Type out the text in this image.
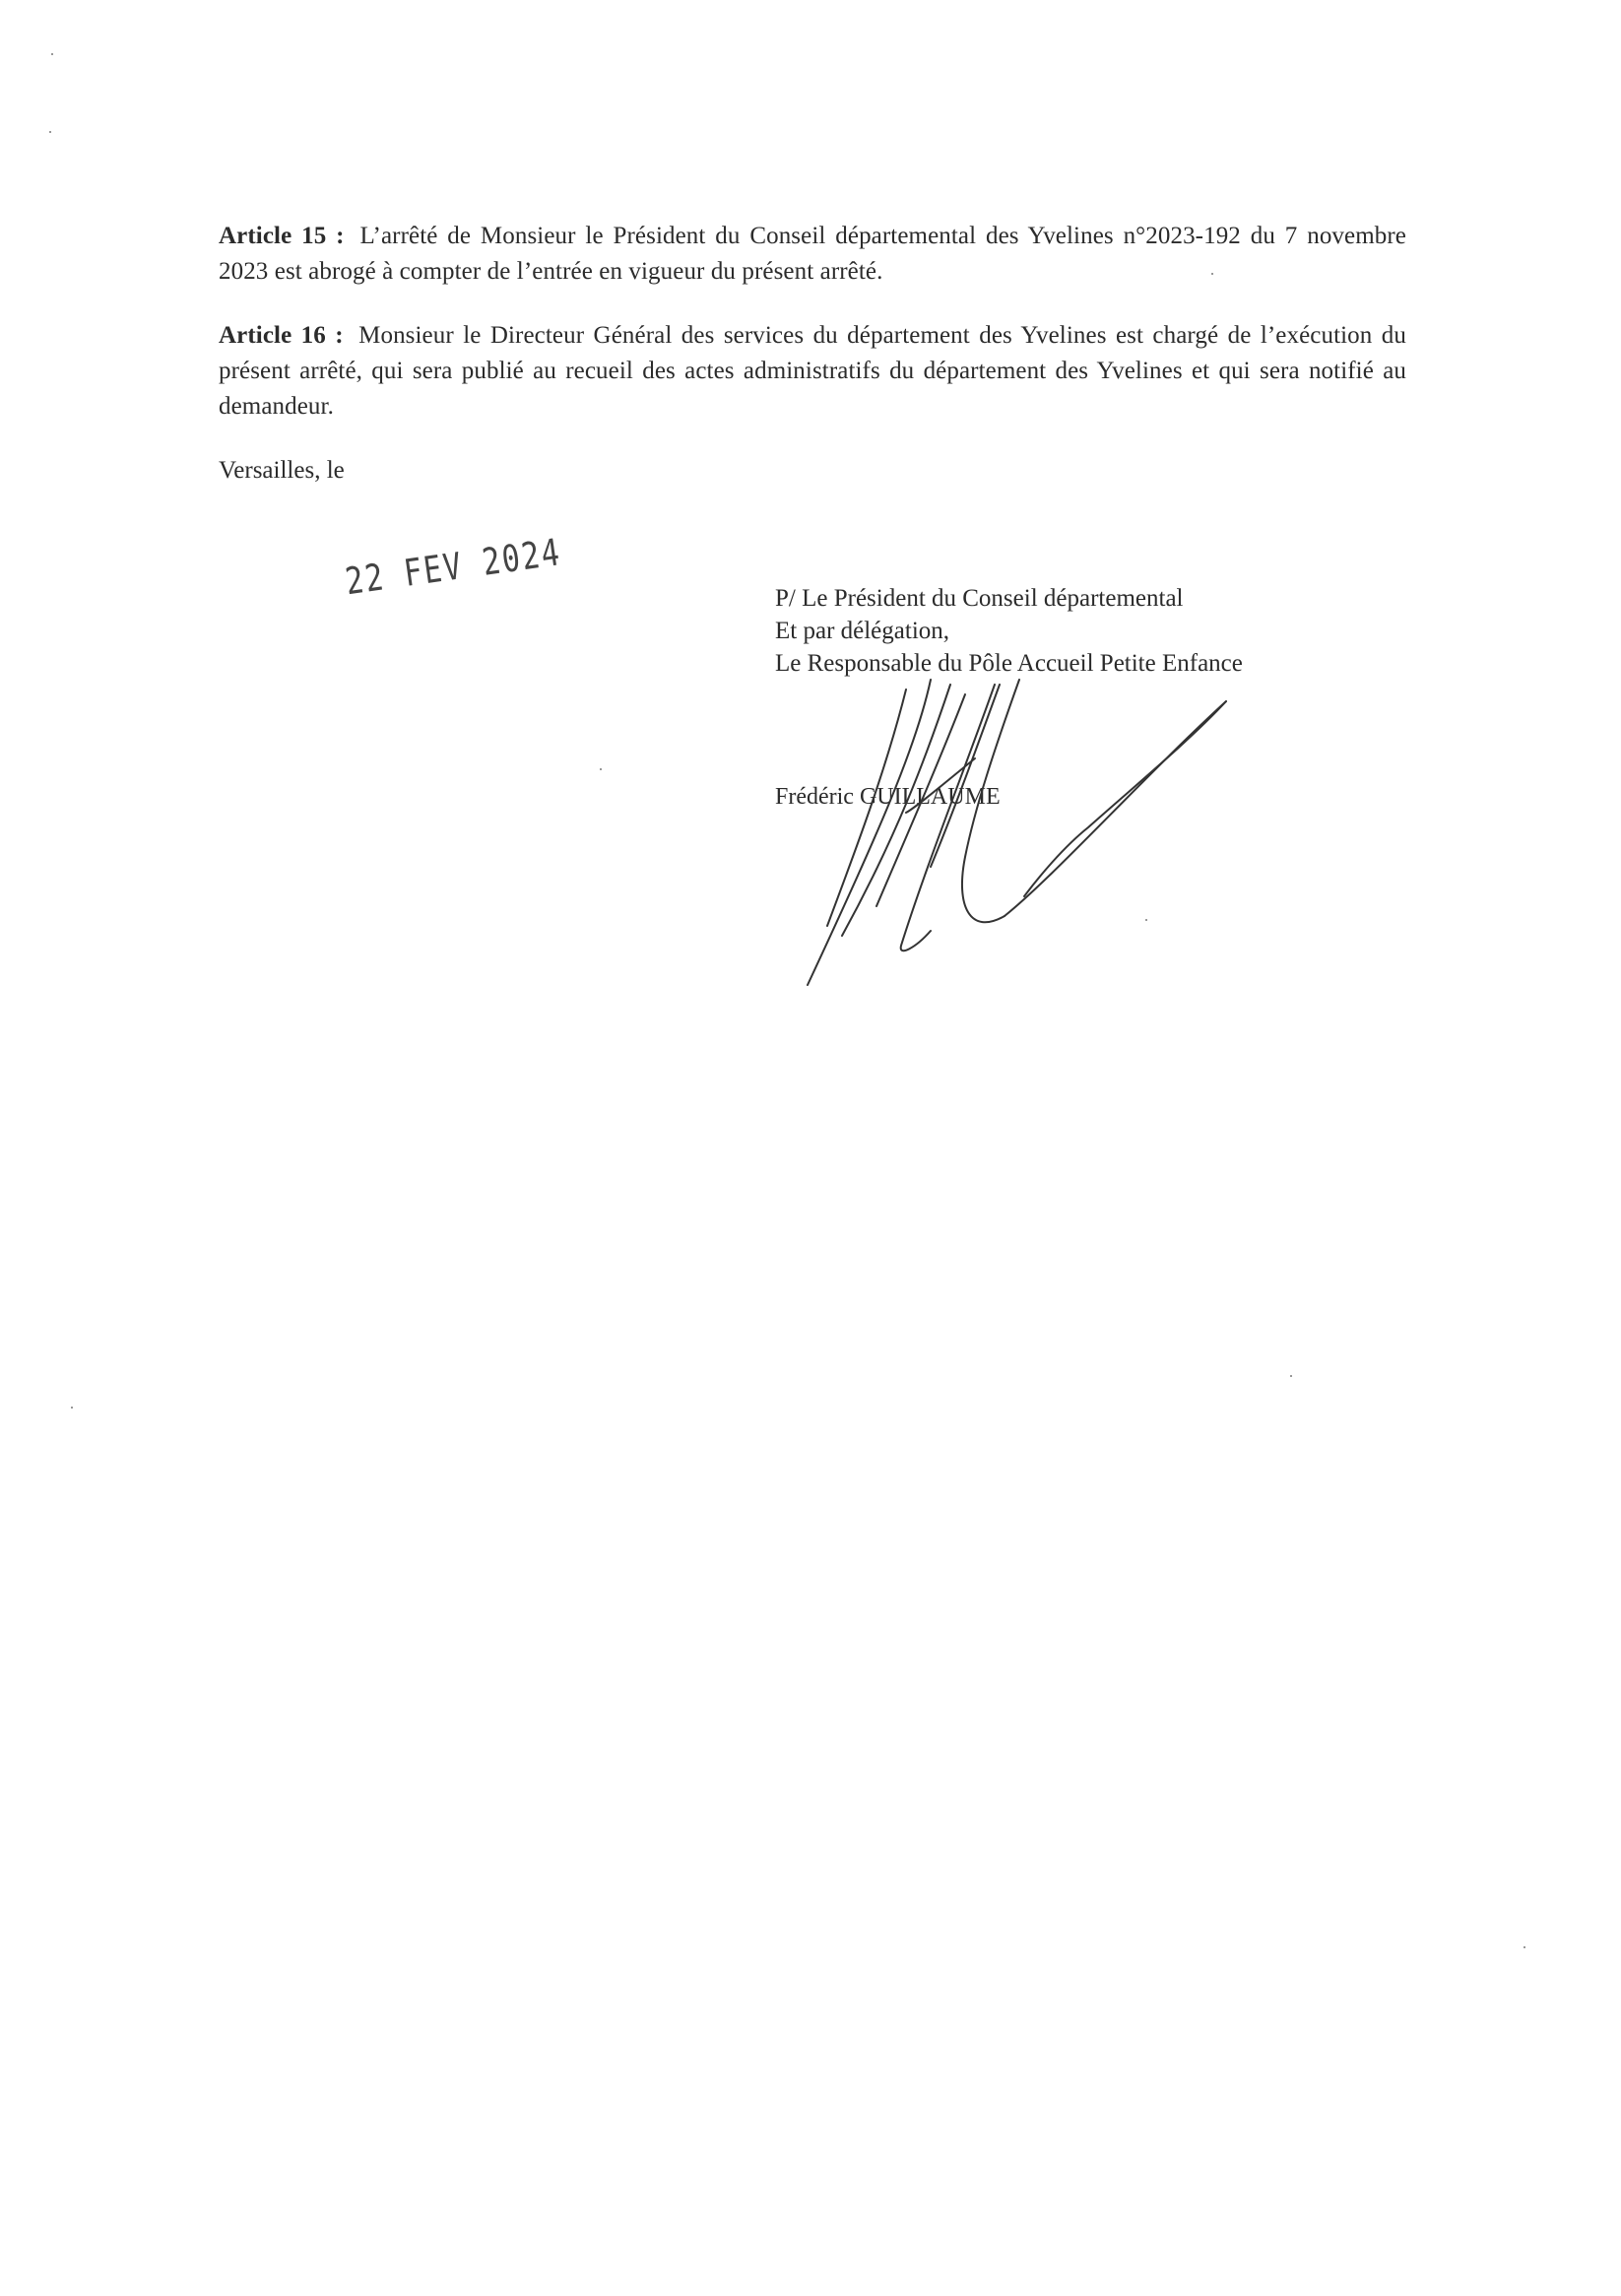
Article 15 : L’arrêté de Monsieur le Président du Conseil départemental des Yvelines n°2023-192 du 7 novembre 2023 est abrogé à compter de l’entrée en vigueur du présent arrêté.
Article 16 : Monsieur le Directeur Général des services du département des Yvelines est chargé de l’exécution du présent arrêté, qui sera publié au recueil des actes administratifs du département des Yvelines et qui sera notifié au demandeur.
Versailles, le
22 FEV 2024	P/ Le Président du Conseil départemental
Et par délégation,
Le Responsable du Pôle Accueil Petite Enfance
Frédéric GUILLAUME
